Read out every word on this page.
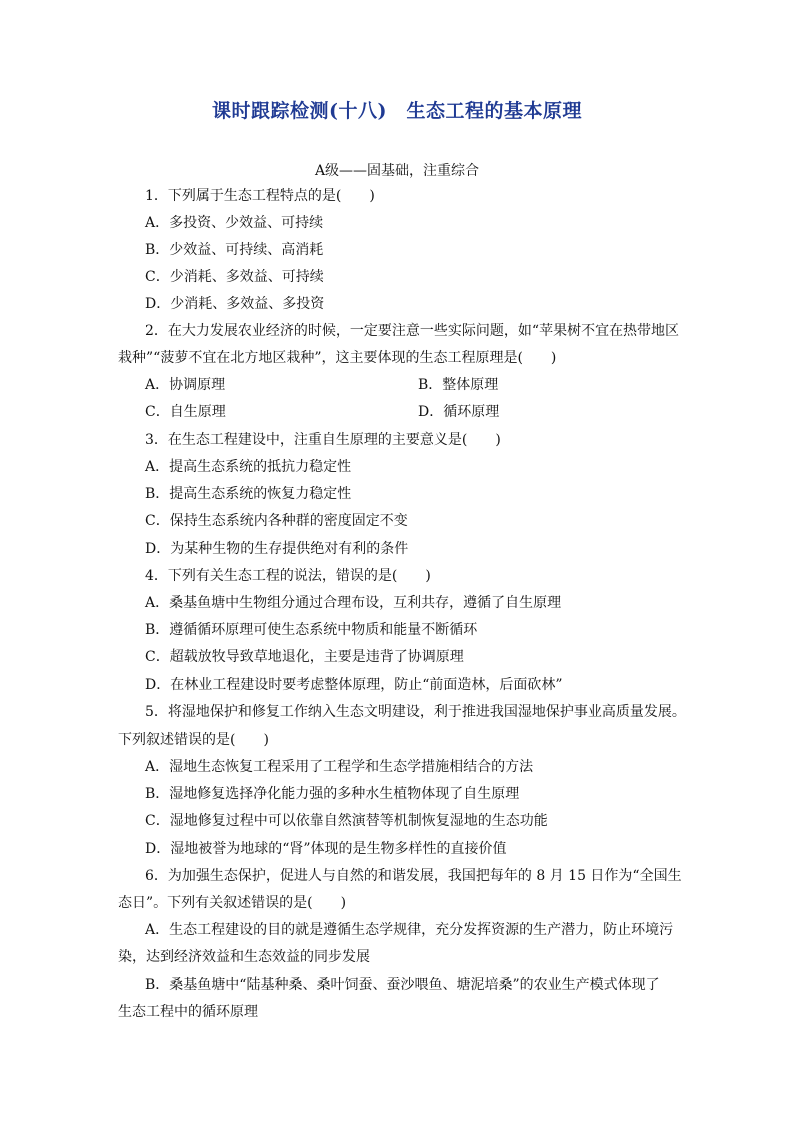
课时跟踪检测(十八)　生态工程的基本原理
A级——固基础，注重综合
1．下列属于生态工程特点的是(　　)
A．多投资、少效益、可持续
B．少效益、可持续、高消耗
C．少消耗、多效益、可持续
D．少消耗、多效益、多投资
2．在大力发展农业经济的时候，一定要注意一些实际问题，如“苹果树不宜在热带地区
栽种”“菠萝不宜在北方地区栽种”，这主要体现的生态工程原理是(　　)
A．协调原理	B．整体原理
C．自生原理	D．循环原理
3．在生态工程建设中，注重自生原理的主要意义是(　　)
A．提高生态系统的抵抗力稳定性
B．提高生态系统的恢复力稳定性
C．保持生态系统内各种群的密度固定不变
D．为某种生物的生存提供绝对有利的条件
4．下列有关生态工程的说法，错误的是(　　)
A．桑基鱼塘中生物组分通过合理布设，互利共存，遵循了自生原理
B．遵循循环原理可使生态系统中物质和能量不断循环
C．超载放牧导致草地退化，主要是违背了协调原理
D．在林业工程建设时要考虑整体原理，防止“前面造林，后面砍林”
5．将湿地保护和修复工作纳入生态文明建设，利于推进我国湿地保护事业高质量发展。
下列叙述错误的是(　　)
A．湿地生态恢复工程采用了工程学和生态学措施相结合的方法
B．湿地修复选择净化能力强的多种水生植物体现了自生原理
C．湿地修复过程中可以依靠自然演替等机制恢复湿地的生态功能
D．湿地被誉为地球的“肾”体现的是生物多样性的直接价值
6．为加强生态保护，促进人与自然的和谐发展，我国把每年的 8 月 15 日作为“全国生
态日”。下列有关叙述错误的是(　　)
A．生态工程建设的目的就是遵循生态学规律，充分发挥资源的生产潜力，防止环境污
染，达到经济效益和生态效益的同步发展
B．桑基鱼塘中“陆基种桑、桑叶饲蚕、蚕沙喂鱼、塘泥培桑”的农业生产模式体现了
生态工程中的循环原理
